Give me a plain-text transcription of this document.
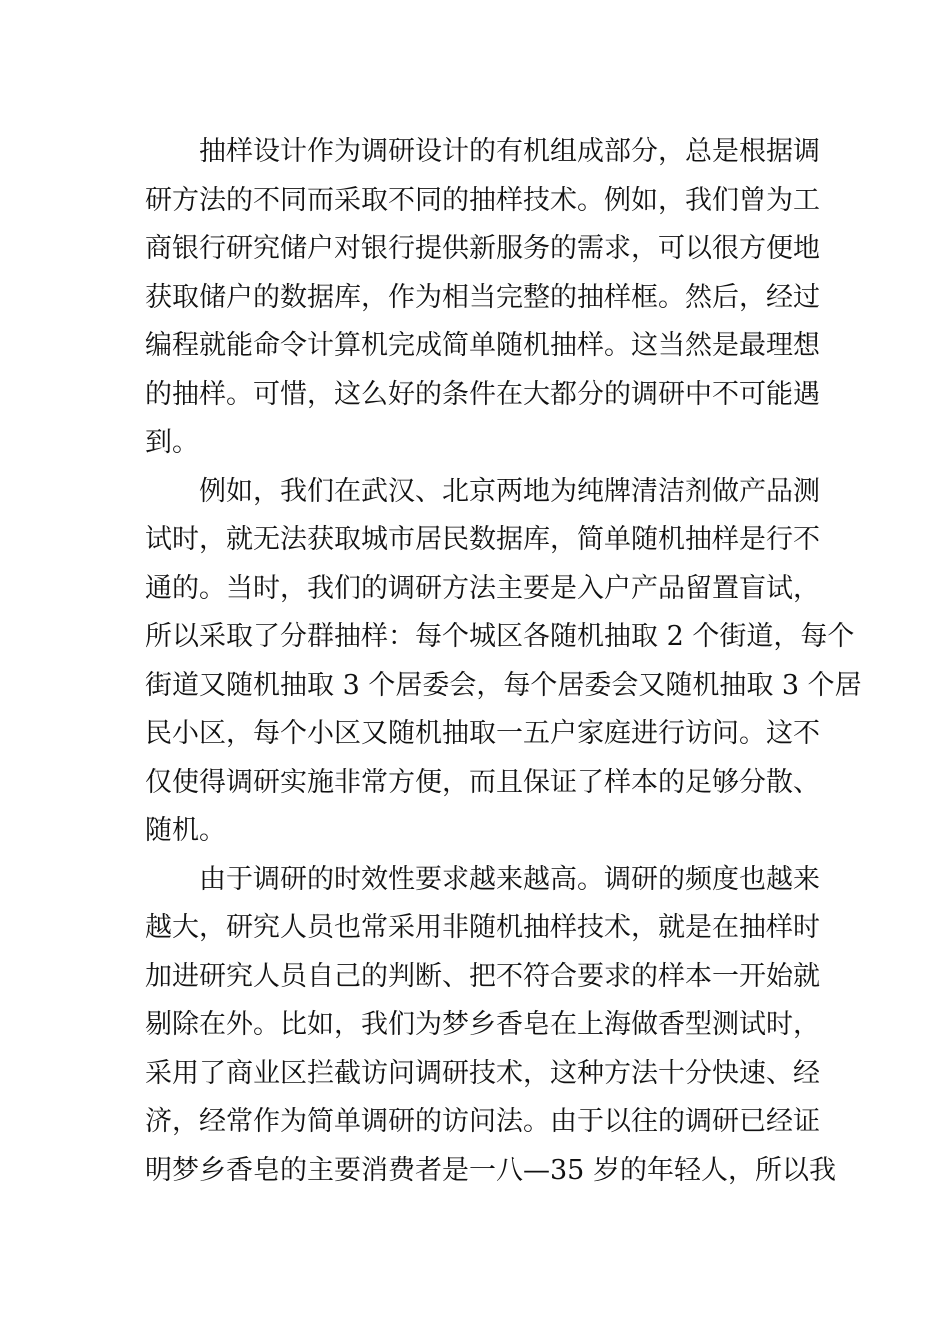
抽样设计作为调研设计的有机组成部分，总是根据调
研方法的不同而采取不同的抽样技术。例如，我们曾为工
商银行研究储户对银行提供新服务的需求，可以很方便地
获取储户的数据库，作为相当完整的抽样框。然后，经过
编程就能命令计算机完成简单随机抽样。这当然是最理想
的抽样。可惜，这么好的条件在大都分的调研中不可能遇
到。
例如，我们在武汉、北京两地为纯牌清洁剂做产品测
试时，就无法获取城市居民数据库，简单随机抽样是行不
通的。当时，我们的调研方法主要是入户产品留置盲试，
所以采取了分群抽样：每个城区各随机抽取 2 个街道，每个
街道又随机抽取 3 个居委会，每个居委会又随机抽取 3 个居
民小区，每个小区又随机抽取一五户家庭进行访问。这不
仅使得调研实施非常方便，而且保证了样本的足够分散、
随机。
由于调研的时效性要求越来越高。调研的频度也越来
越大，研究人员也常采用非随机抽样技术，就是在抽样时
加进研究人员自己的判断、把不符合要求的样本一开始就
剔除在外。比如，我们为梦乡香皂在上海做香型测试时，
采用了商业区拦截访问调研技术，这种方法十分快速、经
济，经常作为简单调研的访问法。由于以往的调研已经证
明梦乡香皂的主要消费者是一八—35 岁的年轻人，所以我
